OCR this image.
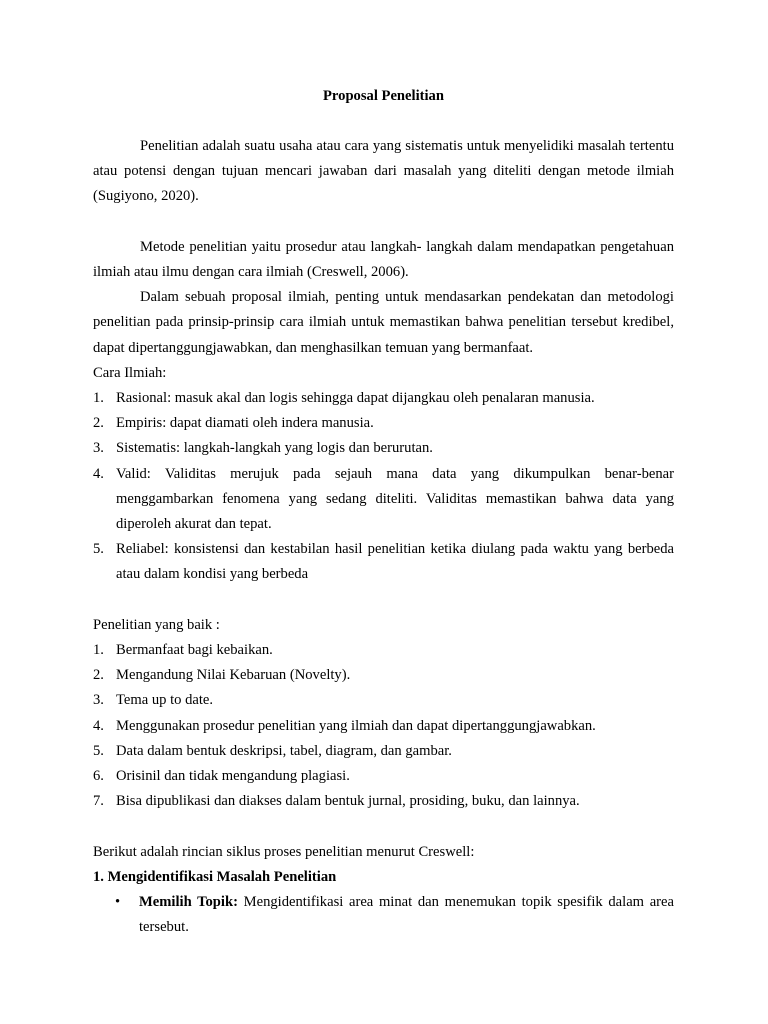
Proposal Penelitian

Penelitian adalah suatu usaha atau cara yang sistematis untuk menyelidiki masalah tertentu atau potensi dengan tujuan mencari jawaban dari masalah yang diteliti dengan metode ilmiah (Sugiyono, 2020).

Metode penelitian yaitu prosedur atau langkah- langkah dalam mendapatkan pengetahuan ilmiah atau ilmu dengan cara ilmiah (Creswell, 2006).

Dalam sebuah proposal ilmiah, penting untuk mendasarkan pendekatan dan metodologi penelitian pada prinsip-prinsip cara ilmiah untuk memastikan bahwa penelitian tersebut kredibel, dapat dipertanggungjawabkan, dan menghasilkan temuan yang bermanfaat.

Cara Ilmiah:

1. Rasional: masuk akal dan logis sehingga dapat dijangkau oleh penalaran manusia.
2. Empiris: dapat diamati oleh indera manusia.
3. Sistematis: langkah-langkah yang logis dan berurutan.
4. Valid: Validitas merujuk pada sejauh mana data yang dikumpulkan benar-benar menggambarkan fenomena yang sedang diteliti. Validitas memastikan bahwa data yang diperoleh akurat dan tepat.
5. Reliabel: konsistensi dan kestabilan hasil penelitian ketika diulang pada waktu yang berbeda atau dalam kondisi yang berbeda

Penelitian yang baik :

1. Bermanfaat bagi kebaikan.
2. Mengandung Nilai Kebaruan (Novelty).
3. Tema up to date.
4. Menggunakan prosedur penelitian yang ilmiah dan dapat dipertanggungjawabkan.
5. Data dalam bentuk deskripsi, tabel, diagram, dan gambar.
6. Orisinil dan tidak mengandung plagiasi.
7. Bisa dipublikasi dan diakses dalam bentuk jurnal, prosiding, buku, dan lainnya.

Berikut adalah rincian siklus proses penelitian menurut Creswell:

1. Mengidentifikasi Masalah Penelitian

• Memilih Topik: Mengidentifikasi area minat dan menemukan topik spesifik dalam area tersebut.
